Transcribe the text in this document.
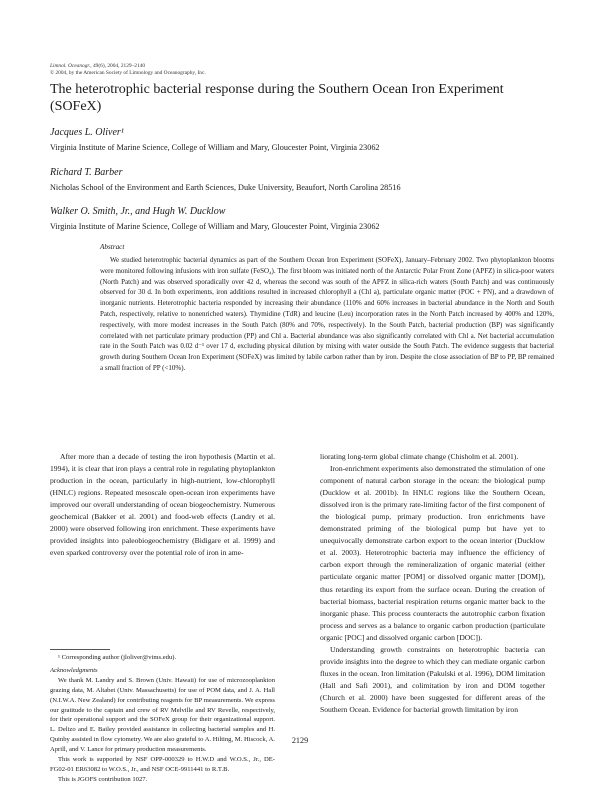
Limnol. Oceanogr., 49(6), 2004, 2129–2140
© 2004, by the American Society of Limnology and Oceanography, Inc.
The heterotrophic bacterial response during the Southern Ocean Iron Experiment (SOFeX)
Jacques L. Oliver¹
Virginia Institute of Marine Science, College of William and Mary, Gloucester Point, Virginia 23062
Richard T. Barber
Nicholas School of the Environment and Earth Sciences, Duke University, Beaufort, North Carolina 28516
Walker O. Smith, Jr., and Hugh W. Ducklow
Virginia Institute of Marine Science, College of William and Mary, Gloucester Point, Virginia 23062
Abstract

We studied heterotrophic bacterial dynamics as part of the Southern Ocean Iron Experiment (SOFeX), January–February 2002. Two phytoplankton blooms were monitored following infusions with iron sulfate (FeSO₄). The first bloom was initiated north of the Antarctic Polar Front Zone (APFZ) in silica-poor waters (North Patch) and was observed sporadically over 42 d, whereas the second was south of the APFZ in silica-rich waters (South Patch) and was continuously observed for 30 d. In both experiments, iron additions resulted in increased chlorophyll a (Chl a), particulate organic matter (POC + PN), and a drawdown of inorganic nutrients. Heterotrophic bacteria responded by increasing their abundance (110% and 60% increases in bacterial abundance in the North and South Patch, respectively, relative to nonenriched waters). Thymidine (TdR) and leucine (Leu) incorporation rates in the North Patch increased by 400% and 120%, respectively, with more modest increases in the South Patch (80% and 70%, respectively). In the South Patch, bacterial production (BP) was significantly correlated with net particulate primary production (PP) and Chl a. Bacterial abundance was also significantly correlated with Chl a. Net bacterial accumulation rate in the South Patch was 0.02 d⁻¹ over 17 d, excluding physical dilution by mixing with water outside the South Patch. The evidence suggests that bacterial growth during Southern Ocean Iron Experiment (SOFeX) was limited by labile carbon rather than by iron. Despite the close association of BP to PP, BP remained a small fraction of PP (<10%).

After more than a decade of testing the iron hypothesis (Martin et al. 1994), it is clear that iron plays a central role in regulating phytoplankton production in the ocean, particularly in high-nutrient, low-chlorophyll (HNLC) regions. Repeated mesoscale open-ocean iron experiments have improved our overall understanding of ocean biogeochemistry. Numerous geochemical (Bakker et al. 2001) and food-web effects (Landry et al. 2000) were observed following iron enrichment. These experiments have provided insights into paleobiogeochemistry (Bidigare et al. 1999) and even sparked controversy over the potential role of iron in ame-

liorating long-term global climate change (Chisholm et al. 2001).

Iron-enrichment experiments also demonstrated the stimulation of one component of natural carbon storage in the ocean: the biological pump (Ducklow et al. 2001b). In HNLC regions like the Southern Ocean, dissolved iron is the primary rate-limiting factor of the first component of the biological pump, primary production. Iron enrichments have demonstrated priming of the biological pump but have yet to unequivocally demonstrate carbon export to the ocean interior (Ducklow et al. 2003). Heterotrophic bacteria may influence the efficiency of carbon export through the remineralization of organic material (either particulate organic matter [POM] or dissolved organic matter [DOM]), thus retarding its export from the surface ocean. During the creation of bacterial biomass, bacterial respiration returns organic matter back to the inorganic phase. This process counteracts the autotrophic carbon fixation process and serves as a balance to organic carbon production (particulate organic [POC] and dissolved organic carbon [DOC]).

Understanding growth constraints on heterotrophic bacteria can provide insights into the degree to which they can mediate organic carbon fluxes in the ocean. Iron limitation (Pakulski et al. 1996), DOM limitation (Hall and Safi 2001), and colimitation by iron and DOM together (Church et al. 2000) have been suggested for different areas of the Southern Ocean. Evidence for bacterial growth limitation by iron

¹ Corresponding author (jloliver@vims.edu).

Acknowledgments

We thank M. Landry and S. Brown (Univ. Hawaii) for use of microzooplankton grazing data, M. Altabet (Univ. Massachusetts) for use of POM data, and J. A. Hall (N.I.W.A. New Zealand) for contributing reagents for BP measurements. We express our gratitude to the captain and crew of RV Melville and RV Revelle, respectively, for their operational support and the SOFeX group for their organizational support. L. Delizo and E. Bailey provided assistance in collecting bacterial samples and H. Quinby assisted in flow cytometry. We are also grateful to A. Hilting, M. Hiscock, A. Aprill, and V. Lance for primary production measurements.

This work is supported by NSF OPP-000329 to H.W.D and W.O.S., Jr., DE-FG02-01 ER63082 to W.O.S., Jr., and NSF OCE-9911441 to R.T.B.

This is JGOFS contribution 1027.

2129
